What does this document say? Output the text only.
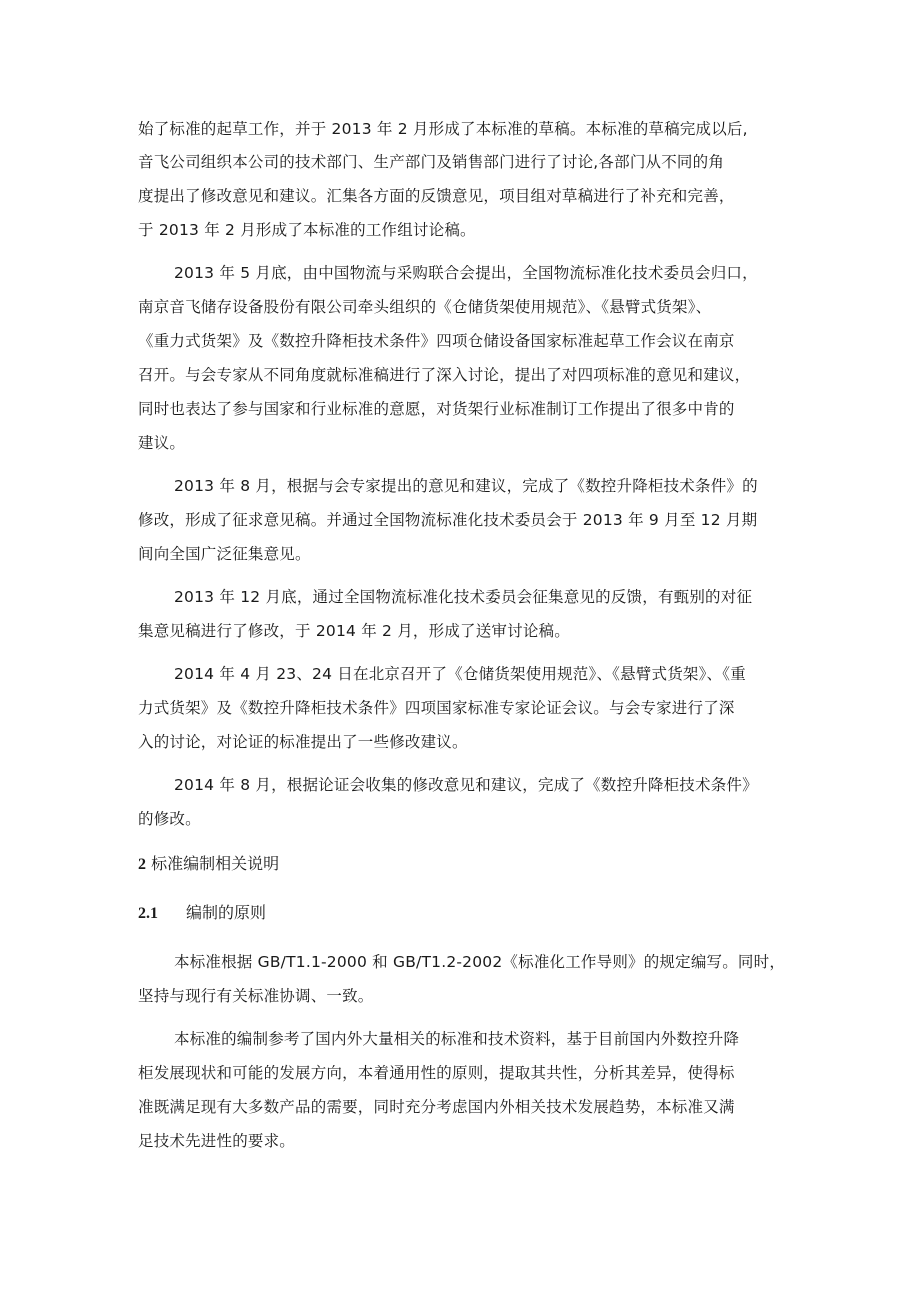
始了标准的起草工作，并于 2013 年 2 月形成了本标准的草稿。本标准的草稿完成以后,
音飞公司组织本公司的技术部门、生产部门及销售部门进行了讨论,各部门从不同的角
度提出了修改意见和建议。汇集各方面的反馈意见，项目组对草稿进行了补充和完善，
于 2013 年 2 月形成了本标准的工作组讨论稿。
2013 年 5 月底，由中国物流与采购联合会提出，全国物流标准化技术委员会归口，
南京音飞储存设备股份有限公司牵头组织的《仓储货架使用规范》、《悬臂式货架》、
《重力式货架》及《数控升降柜技术条件》四项仓储设备国家标准起草工作会议在南京
召开。与会专家从不同角度就标准稿进行了深入讨论，提出了对四项标准的意见和建议，
同时也表达了参与国家和行业标准的意愿，对货架行业标准制订工作提出了很多中肯的
建议。
2013 年 8 月，根据与会专家提出的意见和建议，完成了《数控升降柜技术条件》的
修改，形成了征求意见稿。并通过全国物流标准化技术委员会于 2013 年 9 月至 12 月期
间向全国广泛征集意见。
2013 年 12 月底，通过全国物流标准化技术委员会征集意见的反馈，有甄别的对征
集意见稿进行了修改，于 2014 年 2 月，形成了送审讨论稿。
2014 年 4 月 23、24 日在北京召开了《仓储货架使用规范》、《悬臂式货架》、《重
力式货架》及《数控升降柜技术条件》四项国家标准专家论证会议。与会专家进行了深
入的讨论，对论证的标准提出了一些修改建议。
2014 年 8 月，根据论证会收集的修改意见和建议，完成了《数控升降柜技术条件》
的修改。
2 标准编制相关说明
2.1 编制的原则
本标准根据 GB/T1.1-2000 和 GB/T1.2-2002《标准化工作导则》的规定编写。同时，
坚持与现行有关标准协调、一致。
本标准的编制参考了国内外大量相关的标准和技术资料，基于目前国内外数控升降
柜发展现状和可能的发展方向，本着通用性的原则，提取其共性，分析其差异，使得标
准既满足现有大多数产品的需要，同时充分考虑国内外相关技术发展趋势，本标准又满
足技术先进性的要求。
